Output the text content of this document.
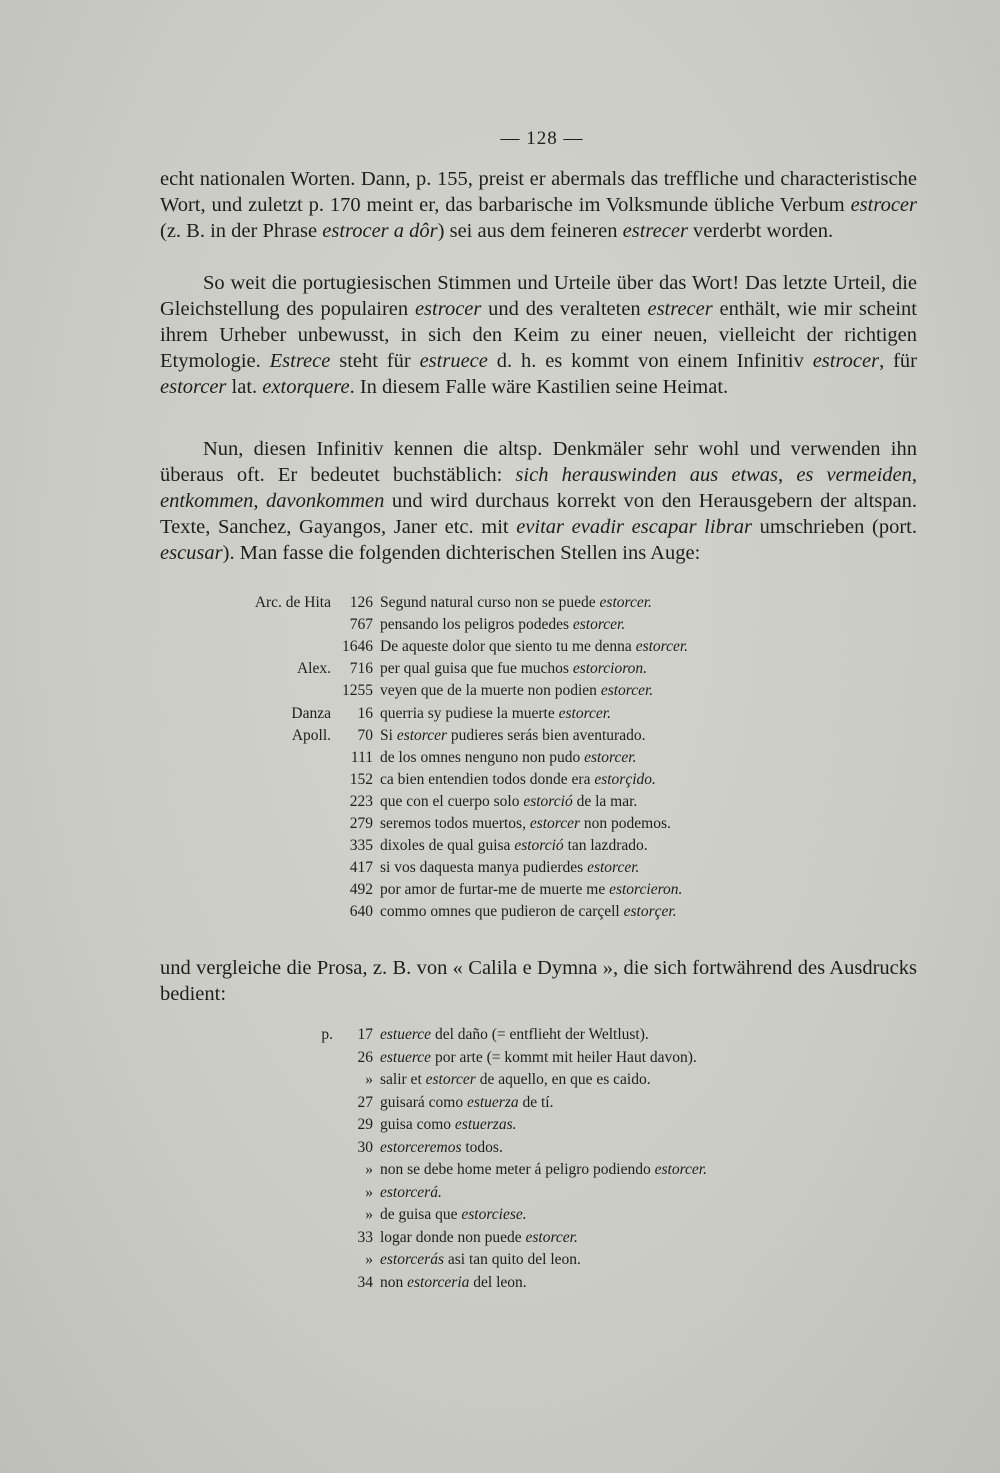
— 128 —
echt nationalen Worten. Dann, p. 155, preist er abermals das treffliche und characteristische Wort, und zuletzt p. 170 meint er, das barbarische im Volksmunde übliche Verbum estrocer (z. B. in der Phrase estrocer a dôr) sei aus dem feineren estrecer verderbt worden.
So weit die portugiesischen Stimmen und Urteile über das Wort! Das letzte Urteil, die Gleichstellung des populairen estrocer und des veralteten estrecer enthält, wie mir scheint ihrem Urheber unbewusst, in sich den Keim zu einer neuen, vielleicht der richtigen Etymologie. Estrece steht für estruece d. h. es kommt von einem Infinitiv estrocer, für estorcer lat. extorquere. In diesem Falle wäre Kastilien seine Heimat.
Nun, diesen Infinitiv kennen die altsp. Denkmäler sehr wohl und verwenden ihn überaus oft. Er bedeutet buchstäblich: sich herauswinden aus etwas, es vermeiden, entkommen, davonkommen und wird durchaus korrekt von den Herausgebern der altspan. Texte, Sanchez, Gayangos, Janer etc. mit evitar evadir escapar librar umschrieben (port. escusar). Man fasse die folgenden dichterischen Stellen ins Auge:
Arc. de Hita 126 Segund natural curso non se puede estorcer.
767 pensando los peligros podedes estorcer.
1646 De aqueste dolor que siento tu me denna estorcer.
Alex. 716 per qual guisa que fue muchos estorcioron.
1255 veyen que de la muerte non podien estorcer.
Danza 16 querria sy pudiese la muerte estorcer.
Apoll. 70 Si estorcer pudieres serás bien aventurado.
111 de los omnes nenguno non pudo estorcer.
152 ca bien entendien todos donde era estorçido.
223 que con el cuerpo solo estorció de la mar.
279 seremos todos muertos, estorcer non podemos.
335 dixoles de qual guisa estorció tan lazdrado.
417 si vos daquesta manya pudierdes estorcer.
492 por amor de furtar-me de muerte me estorcieron.
640 commo omnes que pudieron de carçell estorçer.
und vergleiche die Prosa, z. B. von « Calila e Dymna », die sich fortwährend des Ausdrucks bedient:
p. 17 estuerce del daño (= entflieht der Weltlust).
26 estuerce por arte (= kommt mit heiler Haut davon).
» salir et estorcer de aquello, en que es caido.
27 guisará como estuerza de tí.
29 guisa como estuerzas.
30 estorceremos todos.
» non se debe home meter á peligro podiendo estorcer.
» estorcerá.
» de guisa que estorciese.
33 logar donde non puede estorcer.
» estorcerás asi tan quito del leon.
34 non estorceria del leon.
